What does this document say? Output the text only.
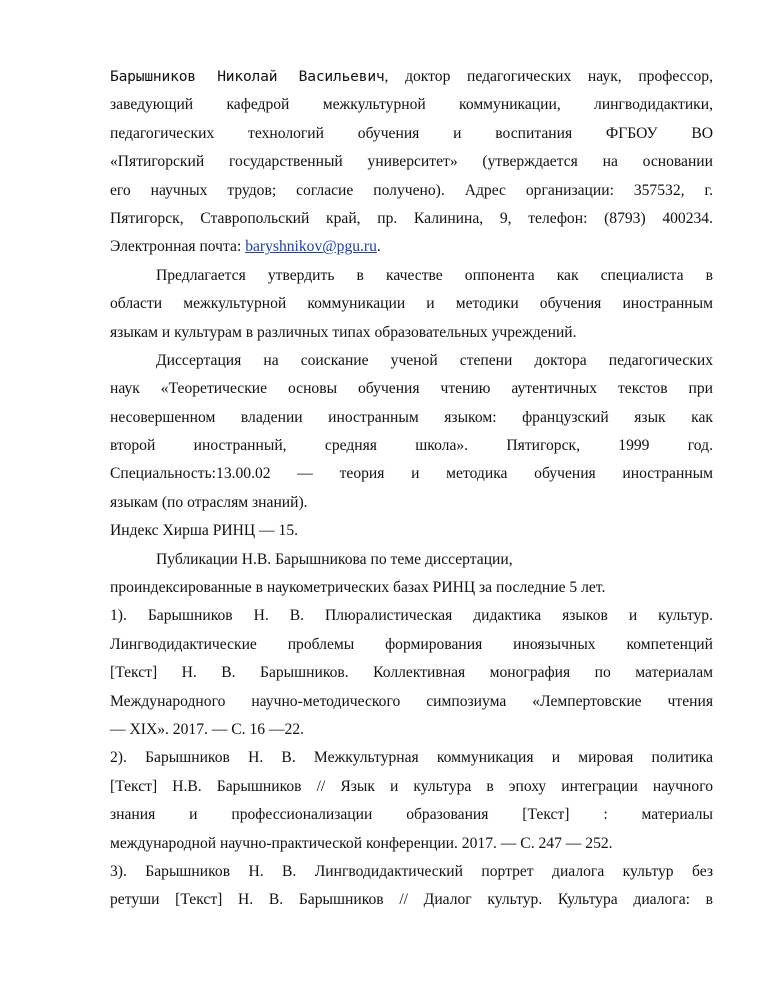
Барышников Николай Васильевич, доктор педагогических наук, профессор,
заведующий кафедрой межкультурной коммуникации, лингводидактики,
педагогических технологий обучения и воспитания ФГБОУ ВО
«Пятигорский государственный университет» (утверждается на основании
его научных трудов; согласие получено). Адрес организации: 357532, г.
Пятигорск, Ставропольский край, пр. Калинина, 9, телефон: (8793) 400234.
Электронная почта: baryshnikov@pgu.ru.
Предлагается утвердить в качестве оппонента как специалиста в
области межкультурной коммуникации и методики обучения иностранным
языкам и культурам в различных типах образовательных учреждений.
Диссертация на соискание ученой степени доктора педагогических
наук «Теоретические основы обучения чтению аутентичных текстов при
несовершенном владении иностранным языком: французский язык как
второй иностранный, средняя школа». Пятигорск, 1999 год.
Специальность:13.00.02 — теория и методика обучения иностранным
языкам (по отраслям знаний).
Индекс Хирша РИНЦ — 15.
Публикации Н.В. Барышникова по теме диссертации,
проиндексированные в наукометрических базах РИНЦ за последние 5 лет.
1). Барышников Н. В. Плюралистическая дидактика языков и культур.
Лингводидактические проблемы формирования иноязычных компетенций
[Текст] Н. В. Барышников. Коллективная монография по материалам
Международного научно-методического симпозиума «Лемпертовские чтения
— XIX». 2017. — С. 16 —22.
2). Барышников Н. В. Межкультурная коммуникация и мировая политика
[Текст] Н.В. Барышников // Язык и культура в эпоху интеграции научного
знания и профессионализации образования [Текст] : материалы
международной научно-практической конференции. 2017. — С. 247 — 252.
3). Барышников Н. В. Лингводидактический портрет диалога культур без
ретуши [Текст] Н. В. Барышников // Диалог культур. Культура диалога: в
